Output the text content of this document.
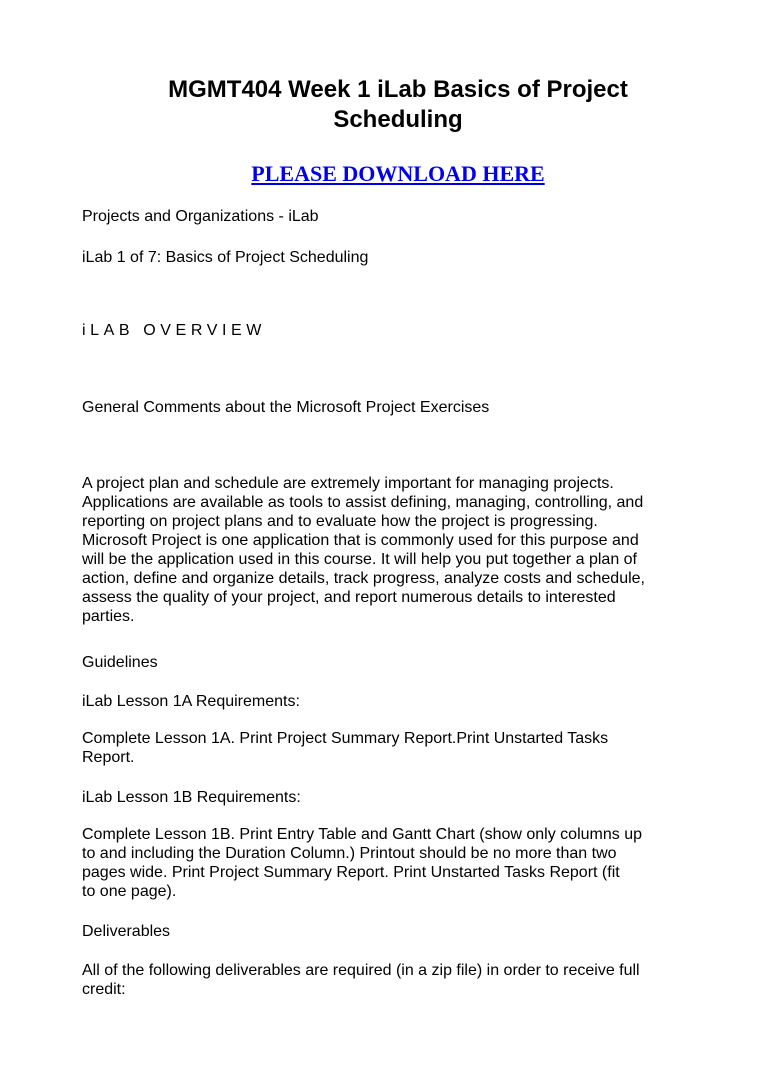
MGMT404 Week 1 iLab Basics of Project
Scheduling
PLEASE DOWNLOAD HERE

Projects and Organizations - iLab

iLab 1 of 7: Basics of Project Scheduling

iLAB OVERVIEW

General Comments about the Microsoft Project Exercises

A project plan and schedule are extremely important for managing projects.
Applications are available as tools to assist defining, managing, controlling, and
reporting on project plans and to evaluate how the project is progressing.
Microsoft Project is one application that is commonly used for this purpose and
will be the application used in this course. It will help you put together a plan of
action, define and organize details, track progress, analyze costs and schedule,
assess the quality of your project, and report numerous details to interested
parties.

Guidelines

iLab Lesson 1A Requirements:

Complete Lesson 1A. Print Project Summary Report.Print Unstarted Tasks
Report.

iLab Lesson 1B Requirements:

Complete Lesson 1B. Print Entry Table and Gantt Chart (show only columns up
to and including the Duration Column.) Printout should be no more than two
pages wide. Print Project Summary Report. Print Unstarted Tasks Report (fit
to one page).

Deliverables

All of the following deliverables are required (in a zip file) in order to receive full
credit:
